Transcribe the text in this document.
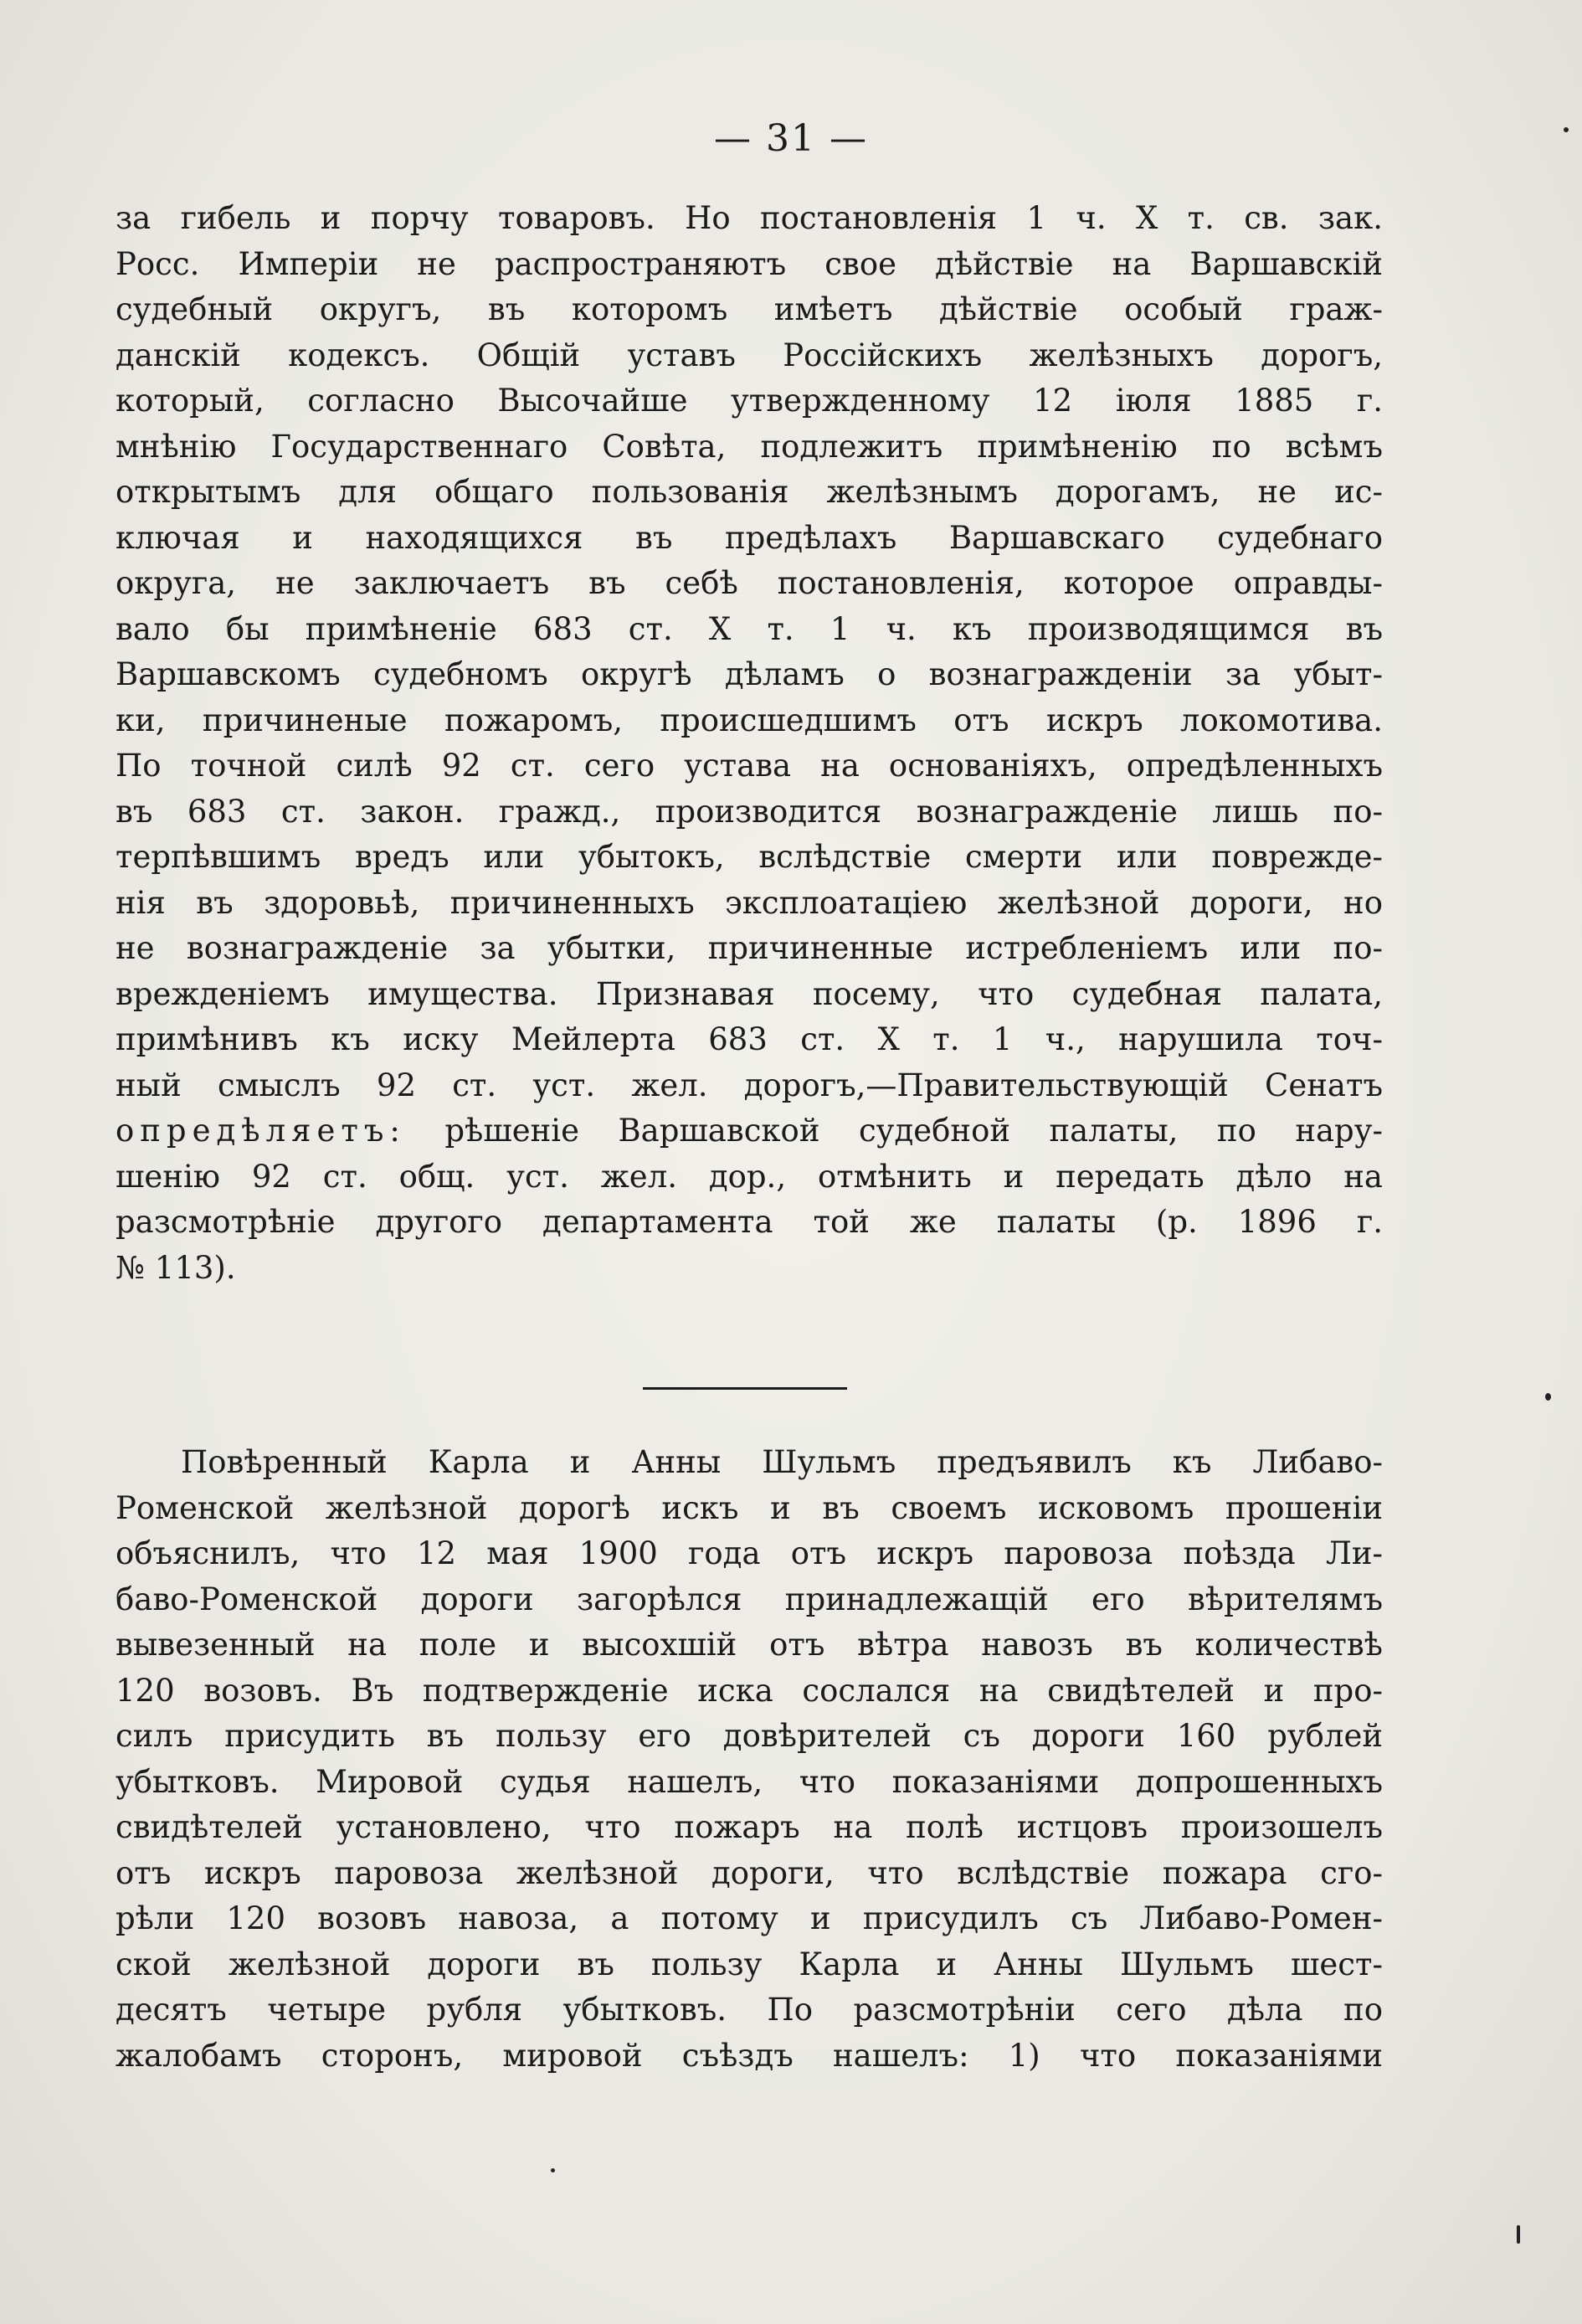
— 31 —
за гибель и порчу товаровъ. Но постановленія 1 ч. X т. св. зак.
Росс. Имперіи не распространяютъ свое дѣйствіе на Варшавскій
судебный округъ, въ которомъ имѣетъ дѣйствіе особый граж-
данскій кодексъ. Общій уставъ Россійскихъ желѣзныхъ дорогъ,
который, согласно Высочайше утвержденному 12 іюля 1885 г.
мнѣнію Государственнаго Совѣта, подлежитъ примѣненію по всѣмъ
открытымъ для общаго пользованія желѣзнымъ дорогамъ, не ис-
ключая и находящихся въ предѣлахъ Варшавскаго судебнаго
округа, не заключаетъ въ себѣ постановленія, которое оправды-
вало бы примѣненіе 683 ст. X т. 1 ч. къ производящимся въ
Варшавскомъ судебномъ округѣ дѣламъ о вознагражденіи за убыт-
ки, причиненые пожаромъ, происшедшимъ отъ искръ локомотива.
По точной силѣ 92 ст. сего устава на основаніяхъ, опредѣленныхъ
въ 683 ст. закон. гражд., производится вознагражденіе лишь по-
терпѣвшимъ вредъ или убытокъ, вслѣдствіе смерти или поврежде-
нія въ здоровьѣ, причиненныхъ эксплоатаціею желѣзной дороги, но
не вознагражденіе за убытки, причиненные истребленіемъ или по-
врежденіемъ имущества. Признавая посему, что судебная палата,
примѣнивъ къ иску Мейлерта 683 ст. X т. 1 ч., нарушила точ-
ный смыслъ 92 ст. уст. жел. дорогъ,—Правительствующій Сенатъ
опредѣляетъ: рѣшеніе Варшавской судебной палаты, по нару-
шенію 92 ст. общ. уст. жел. дор., отмѣнить и передать дѣло на
разсмотрѣніе другого департамента той же палаты (р. 1896 г.
№ 113).
Повѣренный Карла и Анны Шульмъ предъявилъ къ Либаво-
Роменской желѣзной дорогѣ искъ и въ своемъ исковомъ прошеніи
объяснилъ, что 12 мая 1900 года отъ искръ паровоза поѣзда Ли-
баво-Роменской дороги загорѣлся принадлежащій его вѣрителямъ
вывезенный на поле и высохшій отъ вѣтра навозъ въ количествѣ
120 возовъ. Въ подтвержденіе иска сослался на свидѣтелей и про-
силъ присудить въ пользу его довѣрителей съ дороги 160 рублей
убытковъ. Мировой судья нашелъ, что показаніями допрошенныхъ
свидѣтелей установлено, что пожаръ на полѣ истцовъ произошелъ
отъ искръ паровоза желѣзной дороги, что вслѣдствіе пожара сго-
рѣли 120 возовъ навоза, а потому и присудилъ съ Либаво-Ромен-
ской желѣзной дороги въ пользу Карла и Анны Шульмъ шест-
десятъ четыре рубля убытковъ. По разсмотрѣніи сего дѣла по
жалобамъ сторонъ, мировой съѣздъ нашелъ: 1) что показаніями
